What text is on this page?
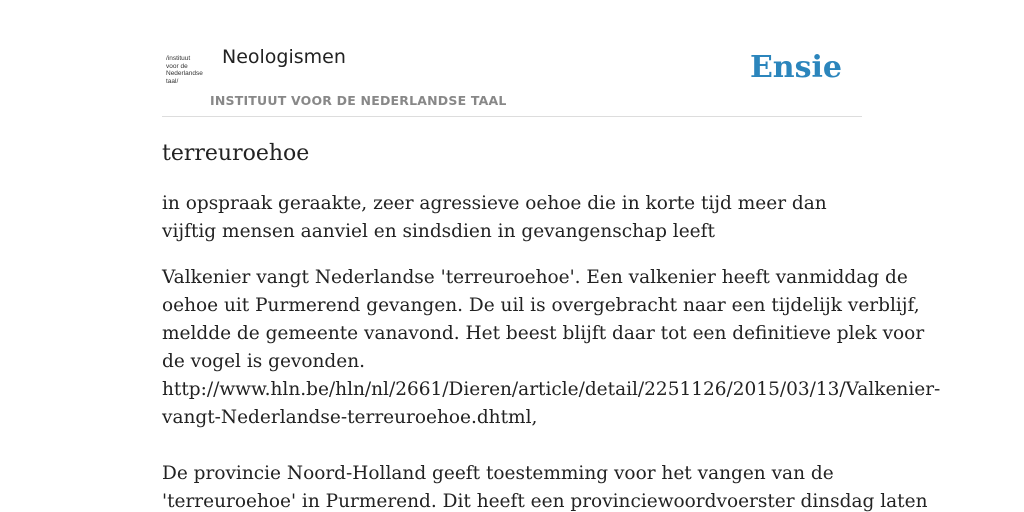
/instituut
voor de
Nederlandse
taal/
Neologismen
INSTITUUT VOOR DE NEDERLANDSE TAAL
Ensie
terreuroehoe

in opspraak geraakte, zeer agressieve oehoe die in korte tijd meer dan vijftig mensen aanviel en sindsdien in gevangenschap leeft

Valkenier vangt Nederlandse 'terreuroehoe'. Een valkenier heeft vanmiddag de
oehoe uit Purmerend gevangen. De uil is overgebracht naar een tijdelijk verblijf,
meldde de gemeente vanavond. Het beest blijft daar tot een definitieve plek voor
de vogel is gevonden.
http://www.hln.be/hln/nl/2661/Dieren/article/detail/2251126/2015/03/13/Valkenier-
vangt-Nederlandse-terreuroehoe.dhtml,

De provincie Noord-Holland geeft toestemming voor het vangen van de
'terreuroehoe' in Purmerend. Dit heeft een provinciewoordvoerster dinsdag laten
